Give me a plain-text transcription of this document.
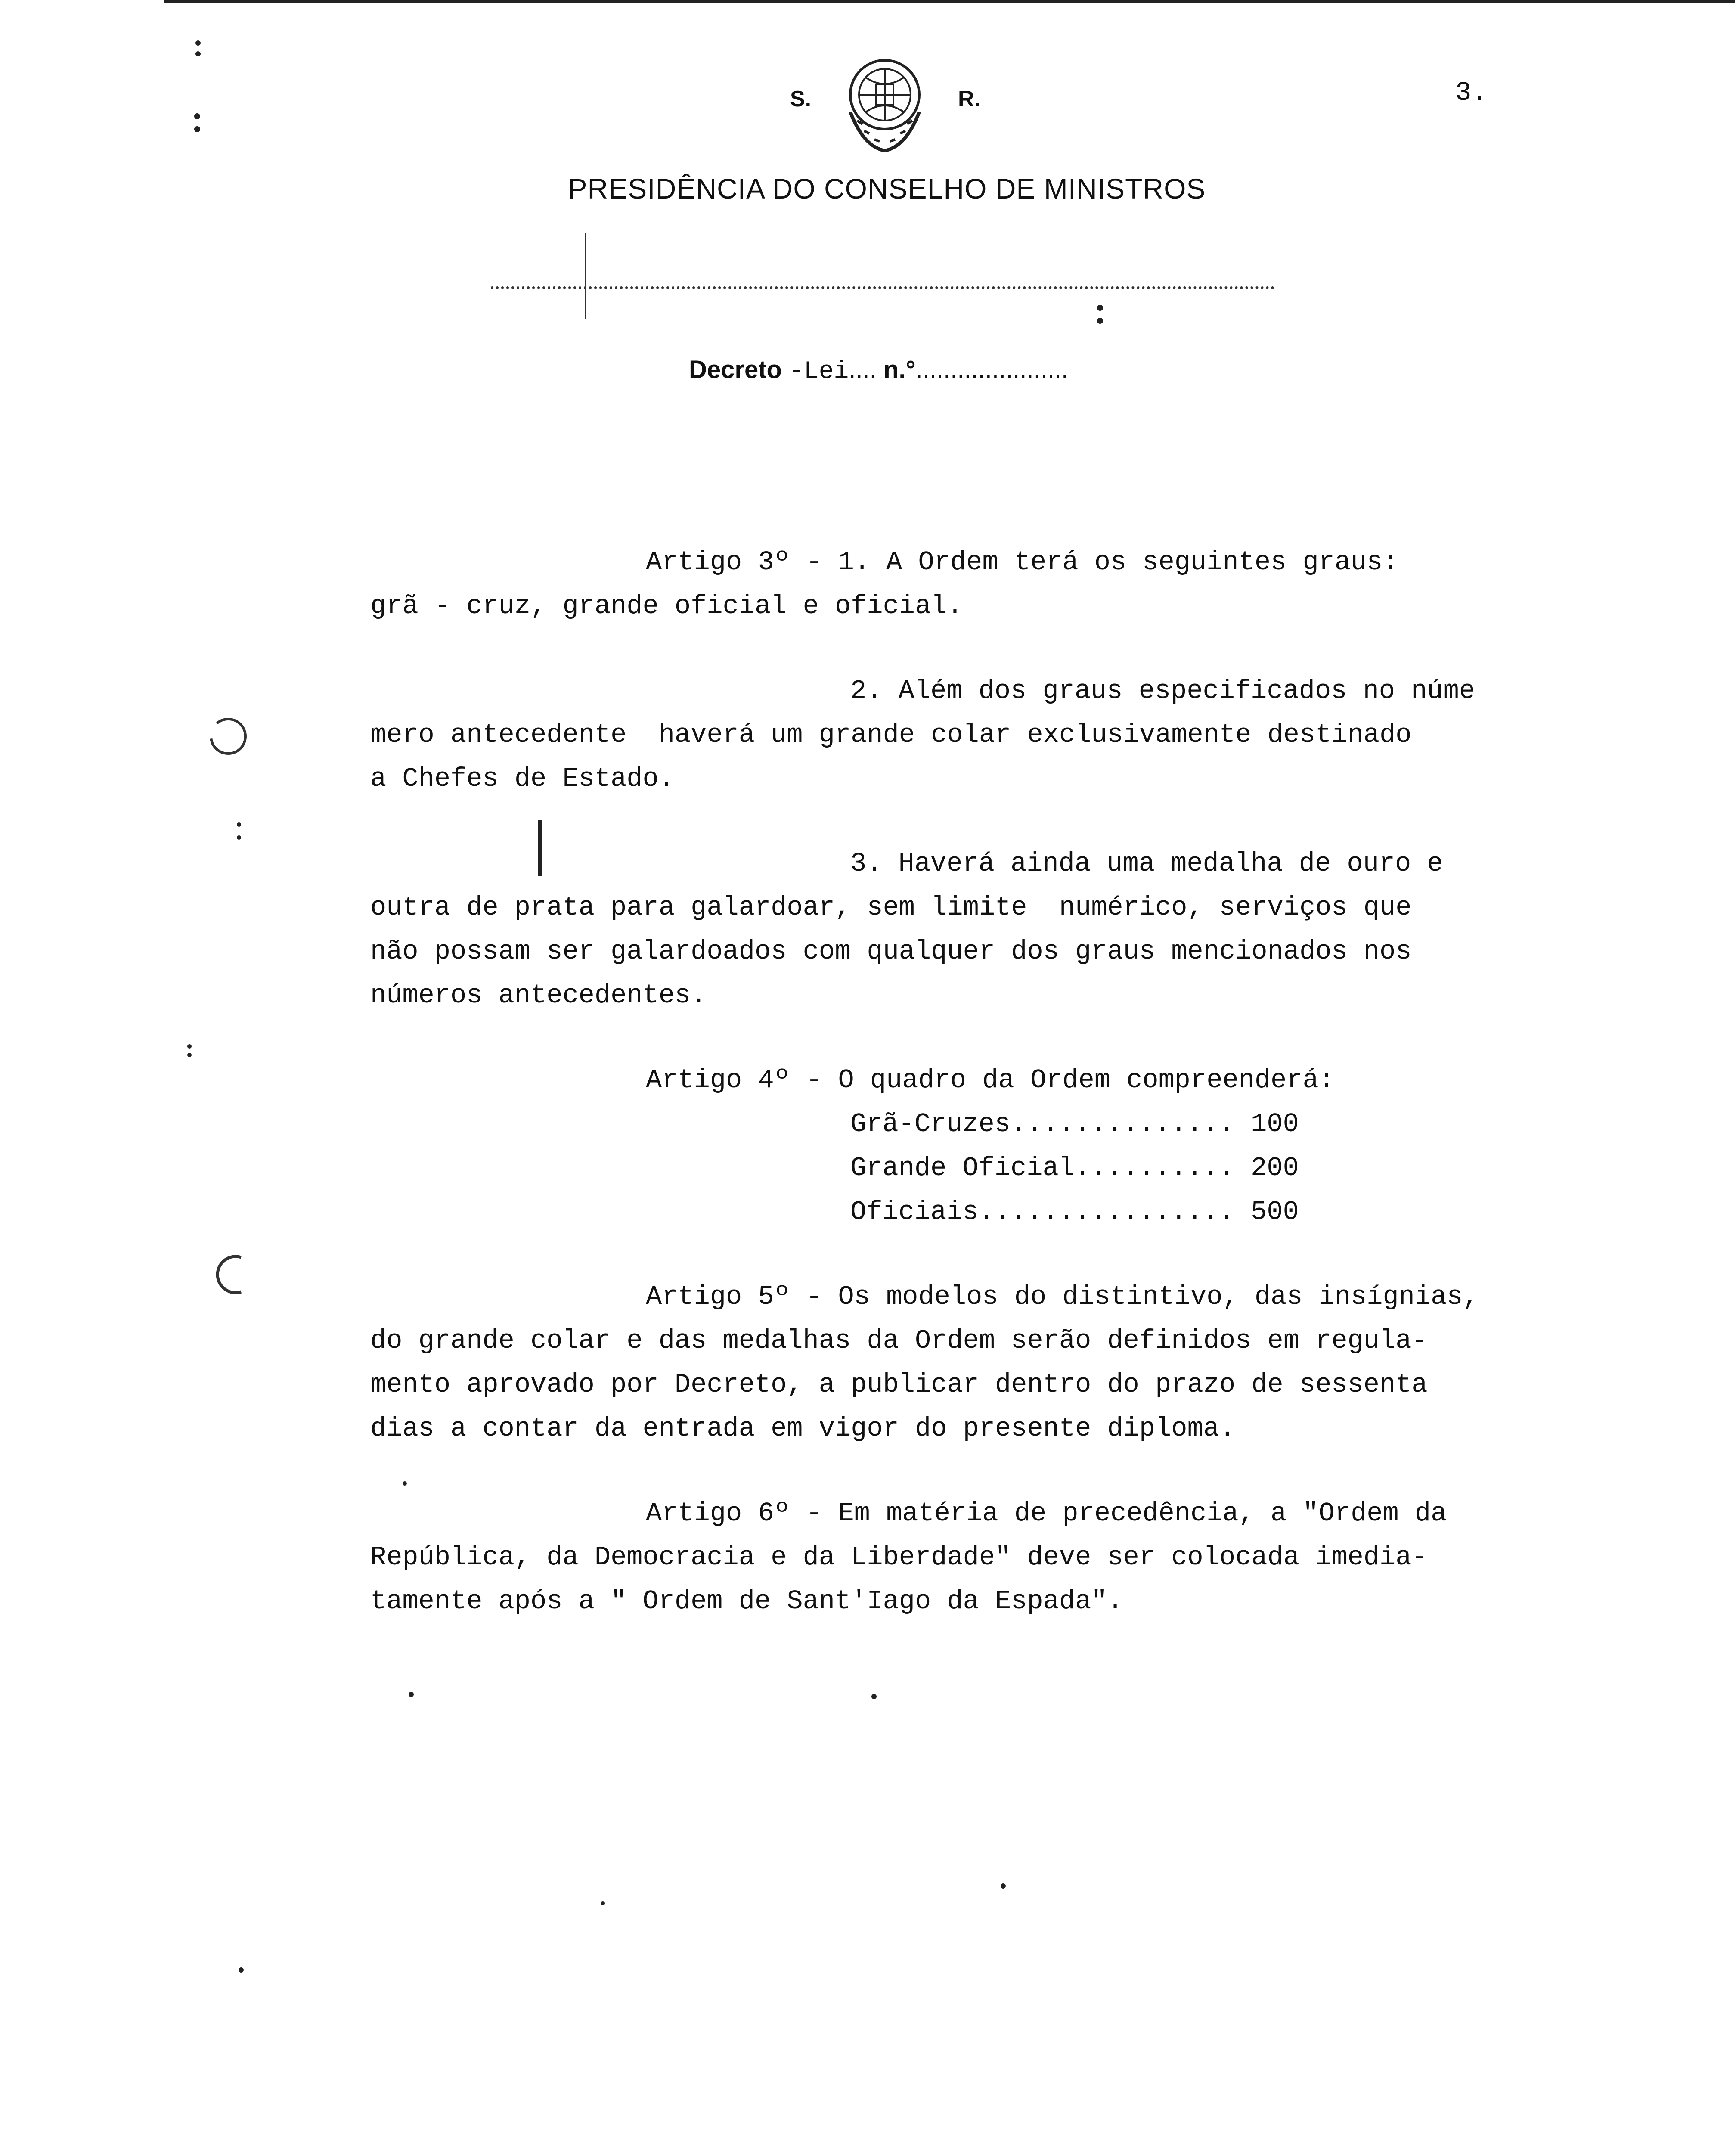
3.
S.	R.
PRESIDÊNCIA DO CONSELHO DE MINISTROS
Decreto -Lei.... n.°......................
Artigo 3º - 1. A Ordem terá os seguintes graus:
grã - cruz, grande oficial e oficial.
2. Além dos graus especificados no núme
mero antecedente  haverá um grande colar exclusivamente destinado
a Chefes de Estado.
3. Haverá ainda uma medalha de ouro e
outra de prata para galardoar, sem limite  numérico, serviços que
não possam ser galardoados com qualquer dos graus mencionados nos
números antecedentes.
Artigo 4º - O quadro da Ordem compreenderá:
Grã-Cruzes.............. 100
Grande Oficial.......... 200
Oficiais................ 500
Artigo 5º - Os modelos do distintivo, das insígnias,
do grande colar e das medalhas da Ordem serão definidos em regula-
mento aprovado por Decreto, a publicar dentro do prazo de sessenta
dias a contar da entrada em vigor do presente diploma.
Artigo 6º - Em matéria de precedência, a "Ordem da
República, da Democracia e da Liberdade" deve ser colocada imedia-
tamente após a " Ordem de Sant'Iago da Espada".
